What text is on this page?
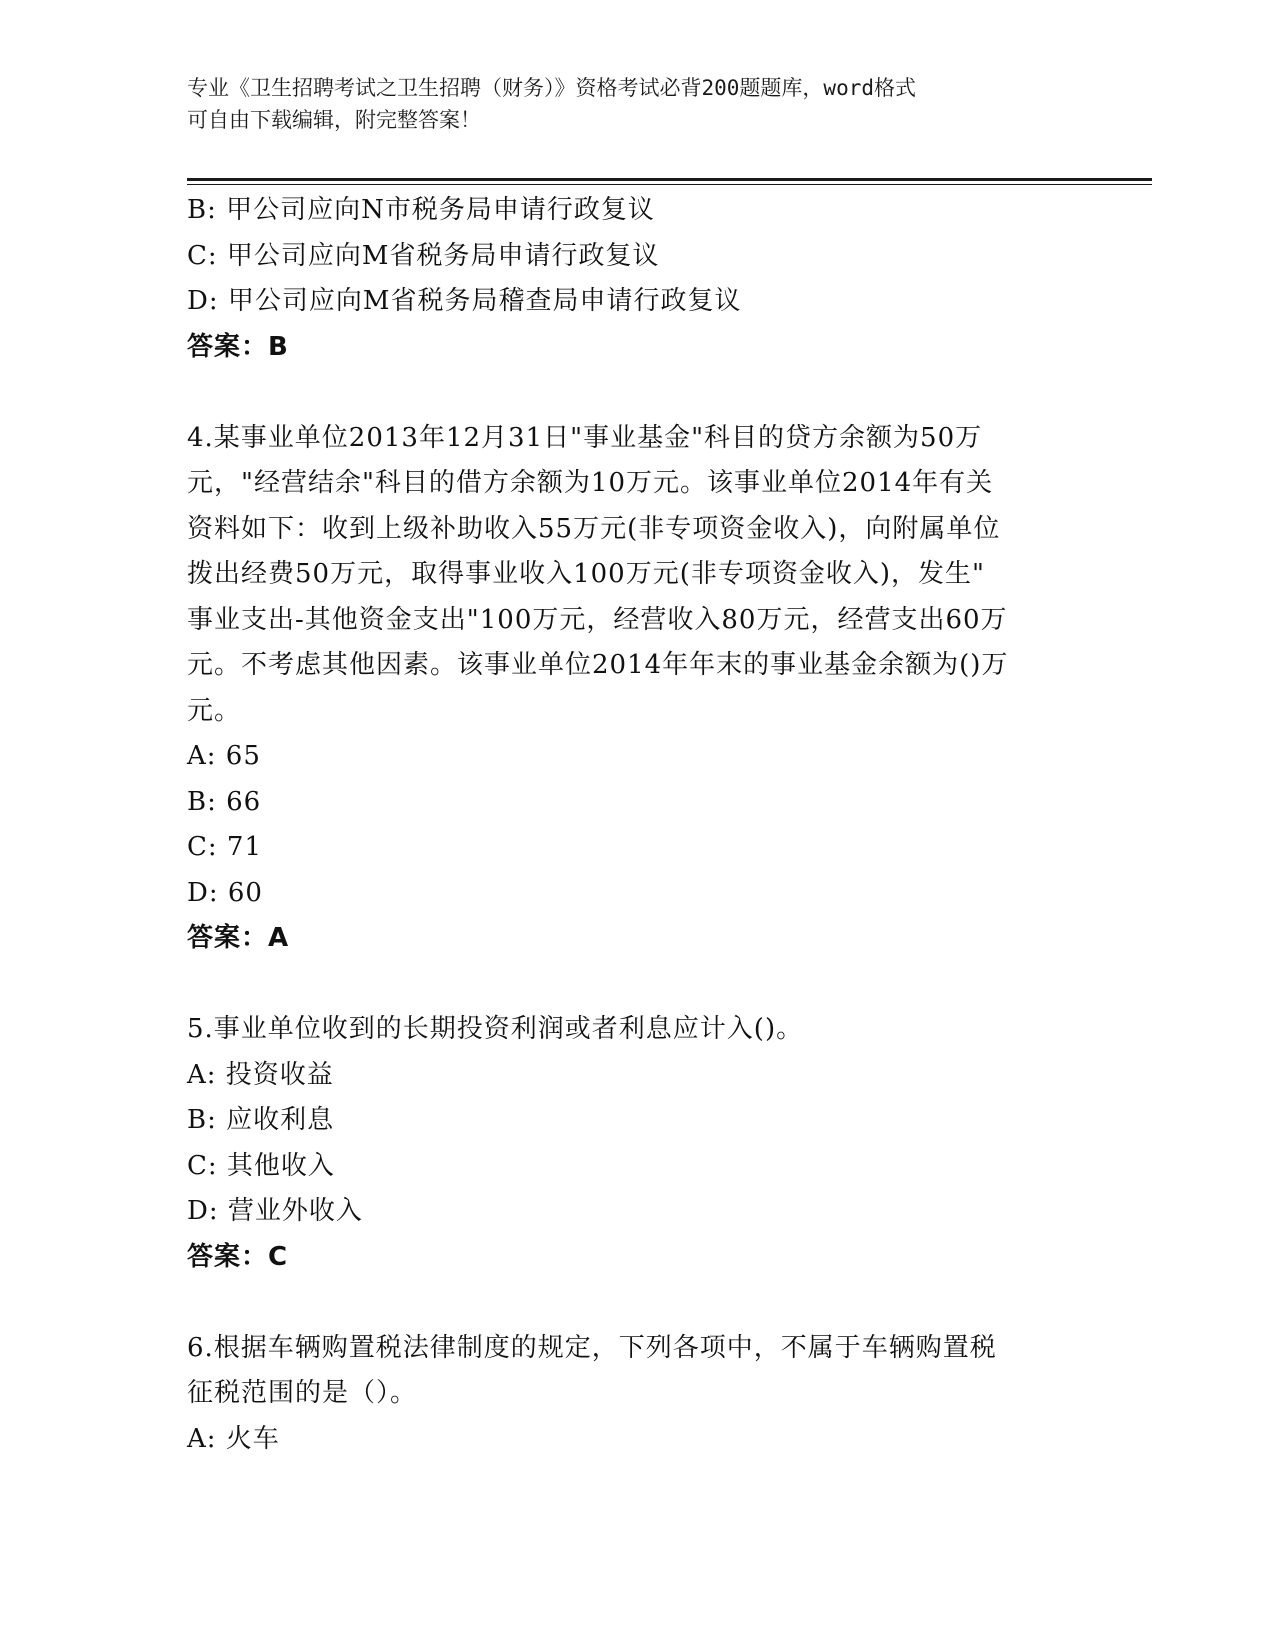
专业《卫生招聘考试之卫生招聘（财务）》资格考试必背200题题库，word格式
可自由下载编辑，附完整答案！

B: 甲公司应向N市税务局申请行政复议

C: 甲公司应向M省税务局申请行政复议

D: 甲公司应向M省税务局稽查局申请行政复议

答案：B

4.某事业单位2013年12月31日"事业基金"科目的贷方余额为50万

元，"经营结余"科目的借方余额为10万元。该事业单位2014年有关

资料如下：收到上级补助收入55万元(非专项资金收入)，向附属单位

拨出经费50万元，取得事业收入100万元(非专项资金收入)，发生"

事业支出-其他资金支出"100万元，经营收入80万元，经营支出60万

元。不考虑其他因素。该事业单位2014年年末的事业基金余额为()万

元。

A: 65

B: 66

C: 71

D: 60

答案：A

5.事业单位收到的长期投资利润或者利息应计入()。

A: 投资收益

B: 应收利息

C: 其他收入

D: 营业外收入

答案：C

6.根据车辆购置税法律制度的规定，下列各项中，不属于车辆购置税

征税范围的是（）。

A: 火车
